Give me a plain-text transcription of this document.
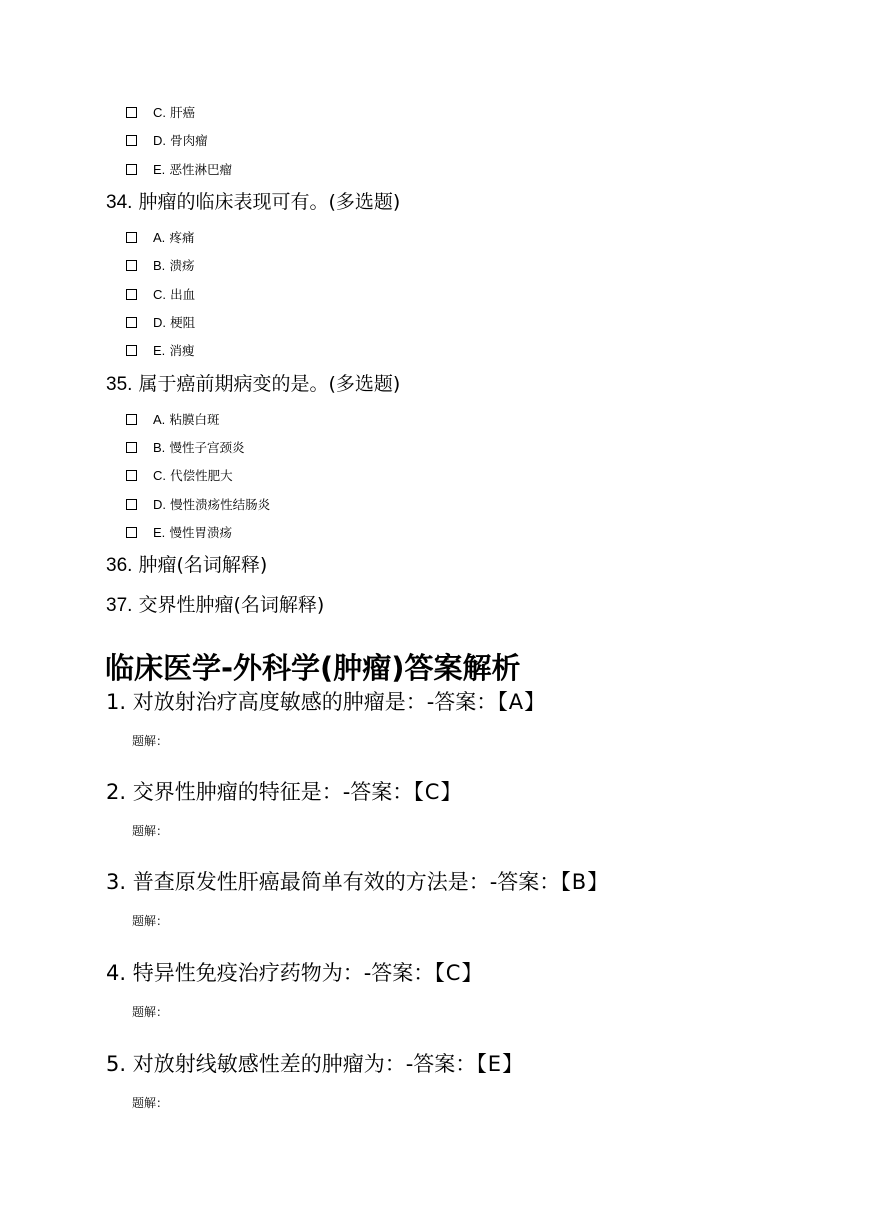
C. 肝癌
D. 骨肉瘤
E. 恶性淋巴瘤
34. 肿瘤的临床表现可有。(多选题)
A. 疼痛
B. 溃疡
C. 出血
D. 梗阻
E. 消瘦
35. 属于癌前期病变的是。(多选题)
A. 粘膜白斑
B. 慢性子宫颈炎
C. 代偿性肥大
D. 慢性溃疡性结肠炎
E. 慢性胃溃疡
36. 肿瘤(名词解释)
37. 交界性肿瘤(名词解释)
临床医学-外科学(肿瘤)答案解析
1. 对放射治疗高度敏感的肿瘤是：-答案：【A】
题解：
2. 交界性肿瘤的特征是：-答案：【C】
题解：
3. 普查原发性肝癌最简单有效的方法是：-答案：【B】
题解：
4. 特异性免疫治疗药物为：-答案：【C】
题解：
5. 对放射线敏感性差的肿瘤为：-答案：【E】
题解：
